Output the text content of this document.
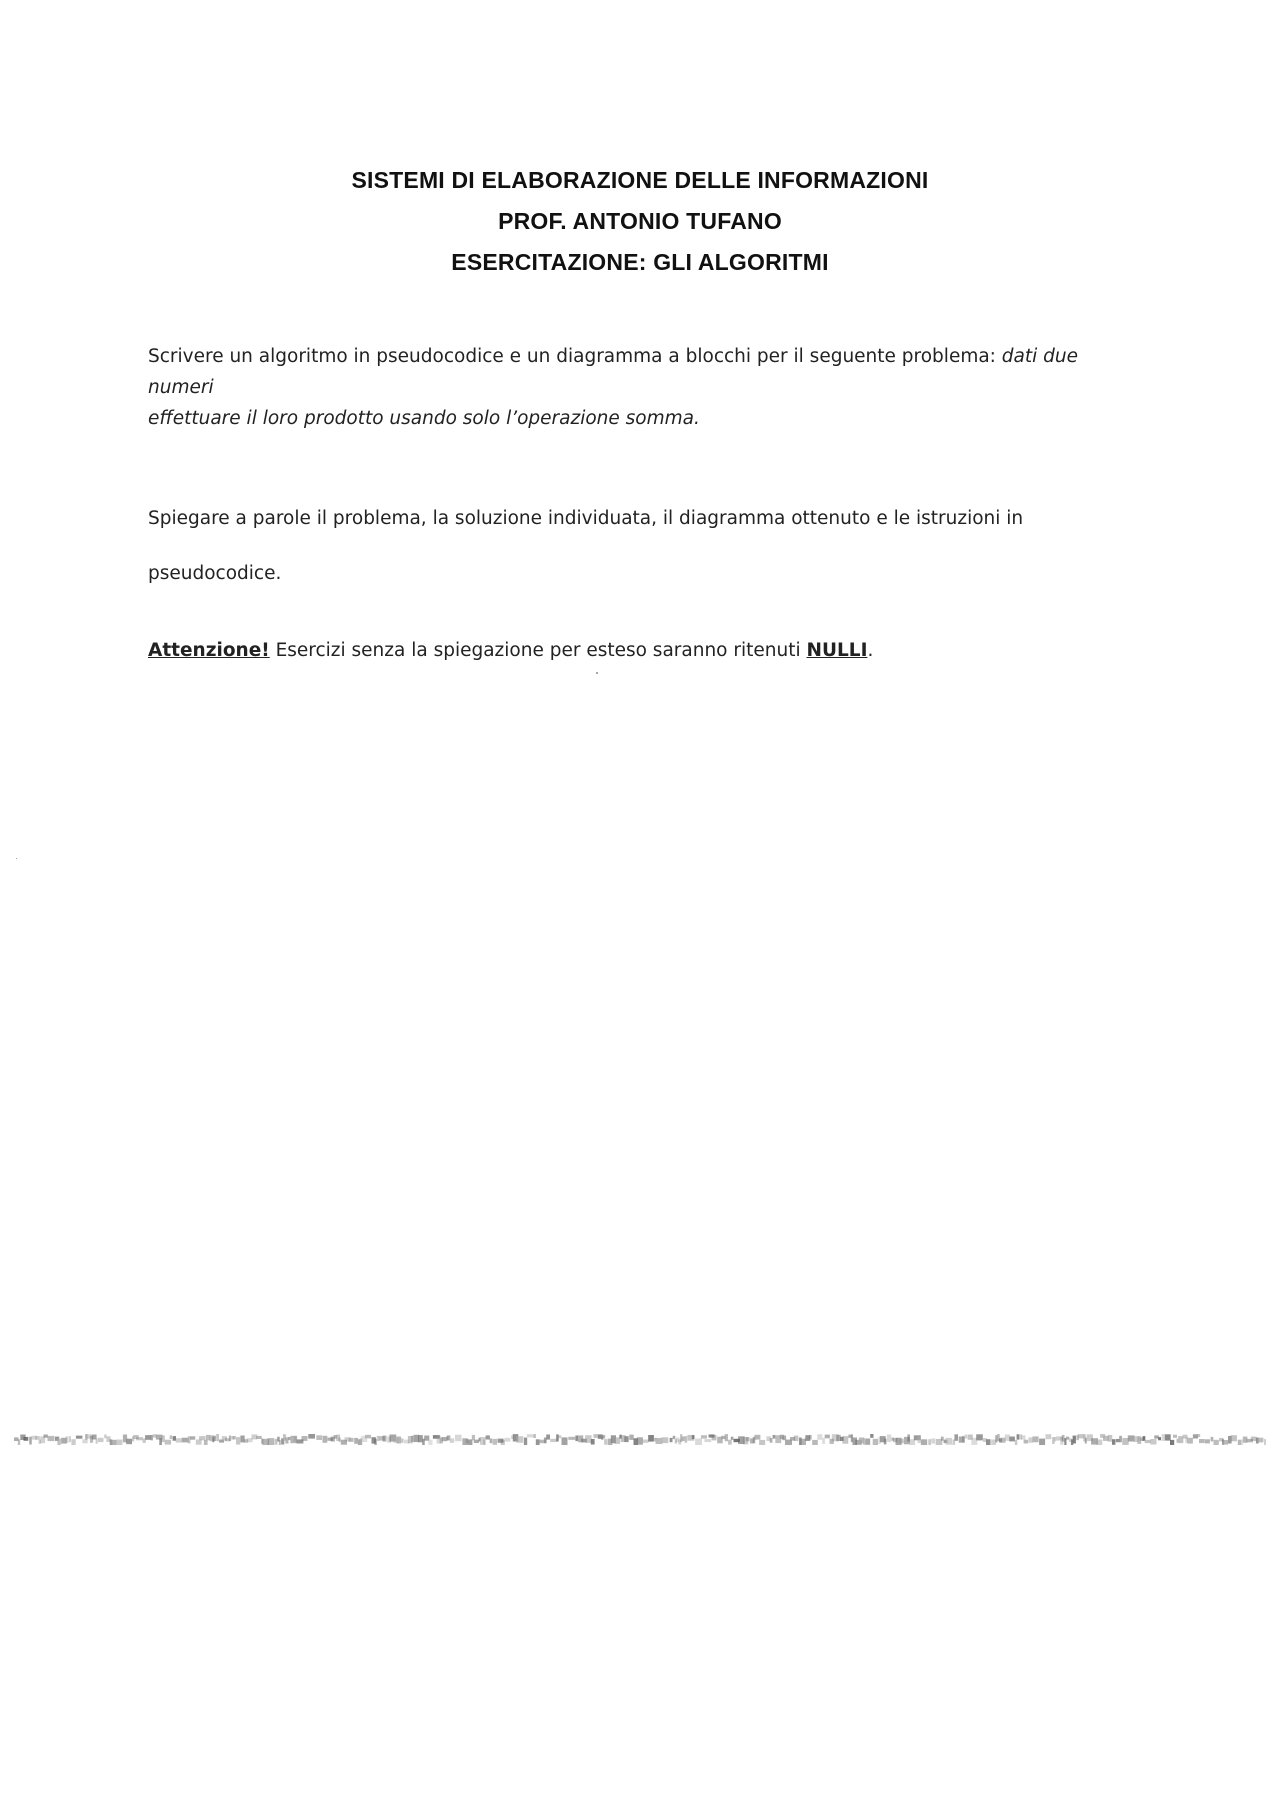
SISTEMI DI ELABORAZIONE DELLE INFORMAZIONI
PROF. ANTONIO TUFANO
ESERCITAZIONE: GLI ALGORITMI
Scrivere un algoritmo in pseudocodice e un diagramma a blocchi per il seguente problema: dati due numeri
effettuare il loro prodotto usando solo l’operazione somma.
Spiegare a parole il problema, la soluzione individuata, il diagramma ottenuto e le istruzioni in
pseudocodice.
Attenzione! Esercizi senza la spiegazione per esteso saranno ritenuti NULLI.
